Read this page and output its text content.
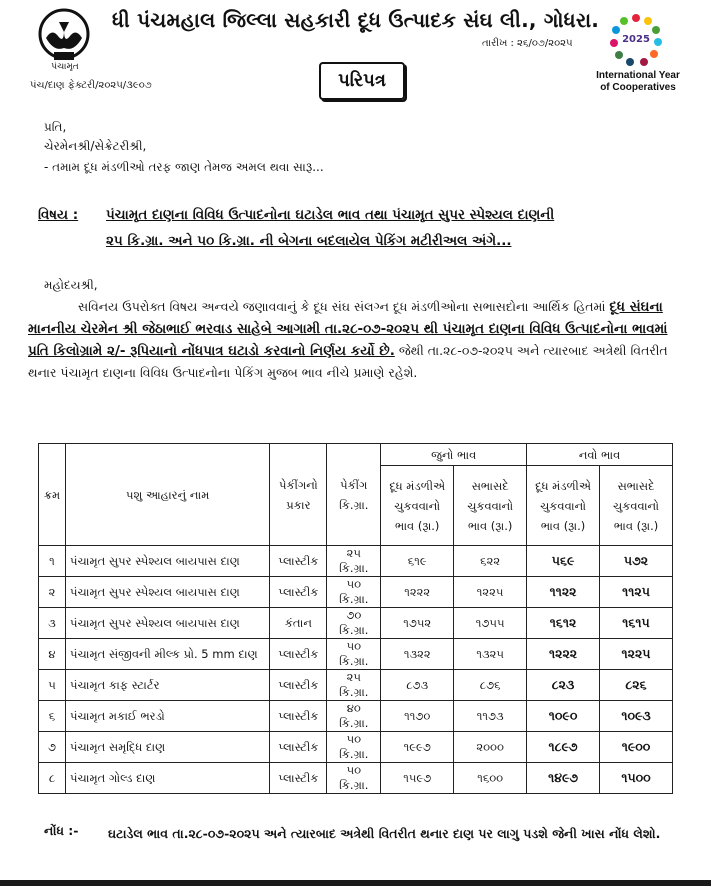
પંચામૃત
ધી પંચમહાલ જિલ્લા સહકારી દૂધ ઉત્પાદક સંઘ લી., ગોધરા.
તારીખ : ૨૬/૦૭/૨૦૨૫
પંચ/દાણ ફેક્ટરી/૨૦૨૫/૩૯૦૭	પરિપત્ર
2025
International Year
of Cooperatives
પ્રતિ,
ચેરમેનશ્રી/સેક્રેટરીશ્રી,
- તમામ દૂધ મંડળીઓ તરફ જાણ તેમજ અમલ થવા સારૂ...
વિષય : પંચામૃત દાણના વિવિધ ઉત્પાદનોના ઘટાડેલ ભાવ તથા પંચામૃત સુપર સ્પેશ્યલ દાણની
૨૫ કિ.ગ્રા. અને ૫૦ કિ.ગ્રા. ની બેગના બદલાયેલ પેકિંગ મટીરીઅલ અંગે...
મહોદયશ્રી,
સવિનય ઉપરોક્ત વિષય અન્વયે જણાવવાનું કે દૂધ સંઘ સંલગ્ન દૂધ મંડળીઓના સભાસદોના આર્થિક હિતમાં દૂધ સંઘના માનનીય ચેરમેન શ્રી જેઠાભાઈ ભરવાડ સાહેબે આગામી તા.૨૮-૦૭-૨૦૨૫ થી પંચામૃત દાણના વિવિધ ઉત્પાદનોના ભાવમાં પ્રતિ કિલોગ્રામે ૨/- રૂપિયાનો નોંધપાત્ર ઘટાડો કરવાનો નિર્ણય કર્યો છે. જેથી તા.૨૮-૦૭-૨૦૨૫ અને ત્યારબાદ અત્રેથી વિતરીત થનાર પંચામૃત દાણના વિવિધ ઉત્પાદનોના પેકિંગ મુજબ ભાવ નીચે પ્રમાણે રહેશે.
ક્રમ	પશુ આહારનું નામ	પેકીંગનો પ્રકાર	પેકીંગ કિ.ગ્રા.	જુનો ભાવ		નવો ભાવ	
				દૂધ મંડળીએ ચુકવવાનો ભાવ (રૂા.)	સભાસદે ચુકવવાનો ભાવ (રૂા.)	દૂધ મંડળીએ ચુકવવાનો ભાવ (રૂા.)	સભાસદે ચુકવવાનો ભાવ (રૂા.)
૧	પંચામૃત સુપર સ્પેશ્યલ બાયપાસ દાણ	પ્લાસ્ટીક	૨૫ કિ.ગ્રા.	૬૧૯	૬૨૨	૫૬૯	૫૭૨
૨	પંચામૃત સુપર સ્પેશ્યલ બાયપાસ દાણ	પ્લાસ્ટીક	૫૦ કિ.ગ્રા.	૧૨૨૨	૧૨૨૫	૧૧૨૨	૧૧૨૫
૩	પંચામૃત સુપર સ્પેશ્યલ બાયપાસ દાણ	કંતાન	૭૦ કિ.ગ્રા.	૧૭૫૨	૧૭૫૫	૧૬૧૨	૧૬૧૫
૪	પંચામૃત સંજીવની મીલ્ક પ્રો. 5 mm દાણ	પ્લાસ્ટીક	૫૦ કિ.ગ્રા.	૧૩૨૨	૧૩૨૫	૧૨૨૨	૧૨૨૫
૫	પંચામૃત કાફ સ્ટાર્ટર	પ્લાસ્ટીક	૨૫ કિ.ગ્રા.	૮૭૩	૮૭૬	૮૨૩	૮૨૬
૬	પંચામૃત મકાઈ ભરડો	પ્લાસ્ટીક	૪૦ કિ.ગ્રા.	૧૧૭૦	૧૧૭૩	૧૦૯૦	૧૦૯૩
૭	પંચામૃત સમૃદ્ધિ દાણ	પ્લાસ્ટીક	૫૦ કિ.ગ્રા.	૧૯૯૭	૨૦૦૦	૧૮૯૭	૧૯૦૦
૮	પંચામૃત ગોલ્ડ દાણ	પ્લાસ્ટીક	૫૦ કિ.ગ્રા.	૧૫૯૭	૧૬૦૦	૧૪૯૭	૧૫૦૦
નોંધ :- ઘટાડેલ ભાવ તા.૨૮-૦૭-૨૦૨૫ અને ત્યારબાદ અત્રેથી વિતરીત થનાર દાણ પર લાગુ પડશે જેની ખાસ નોંધ લેશો.
